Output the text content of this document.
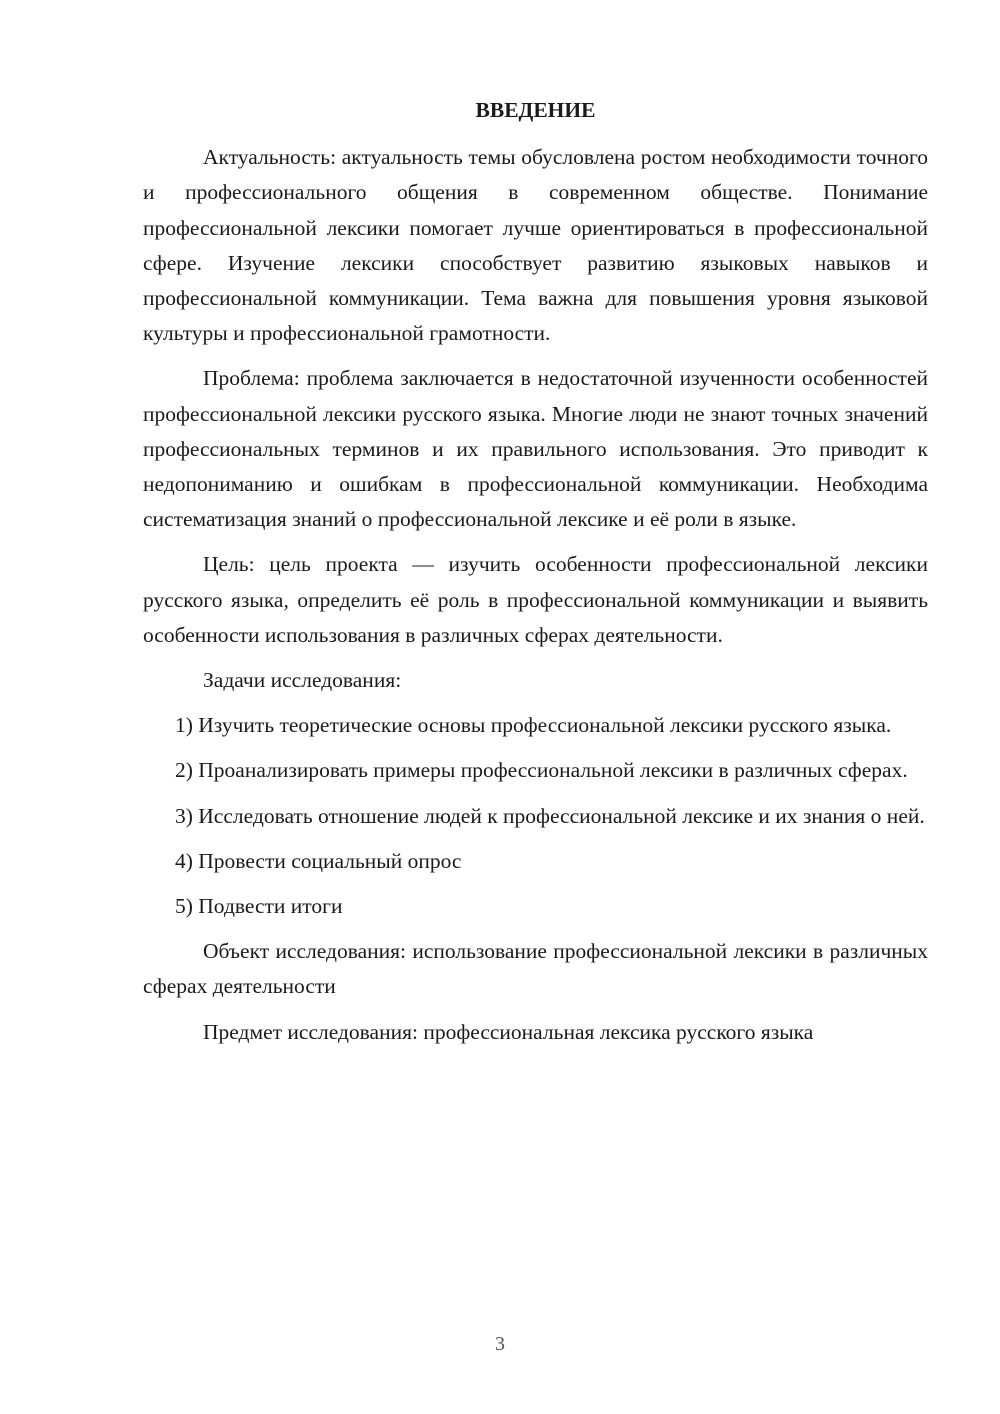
ВВЕДЕНИЕ

Актуальность: актуальность темы обусловлена ростом необходимости точного и профессионального общения в современном обществе. Понимание профессиональной лексики помогает лучше ориентироваться в профессиональной сфере. Изучение лексики способствует развитию языковых навыков и профессиональной коммуникации. Тема важна для повышения уровня языковой культуры и профессиональной грамотности.

Проблема: проблема заключается в недостаточной изученности особенностей профессиональной лексики русского языка. Многие люди не знают точных значений профессиональных терминов и их правильного использования. Это приводит к недопониманию и ошибкам в профессиональной коммуникации. Необходима систематизация знаний о профессиональной лексике и её роли в языке.

Цель: цель проекта — изучить особенности профессиональной лексики русского языка, определить её роль в профессиональной коммуникации и выявить особенности использования в различных сферах деятельности.

Задачи исследования:

1) Изучить теоретические основы профессиональной лексики русского языка.

2) Проанализировать примеры профессиональной лексики в различных сферах.

3) Исследовать отношение людей к профессиональной лексике и их знания о ней.

4) Провести социальный опрос

5) Подвести итоги

Объект исследования: использование профессиональной лексики в различных сферах деятельности

Предмет исследования: профессиональная лексика русского языка

3
